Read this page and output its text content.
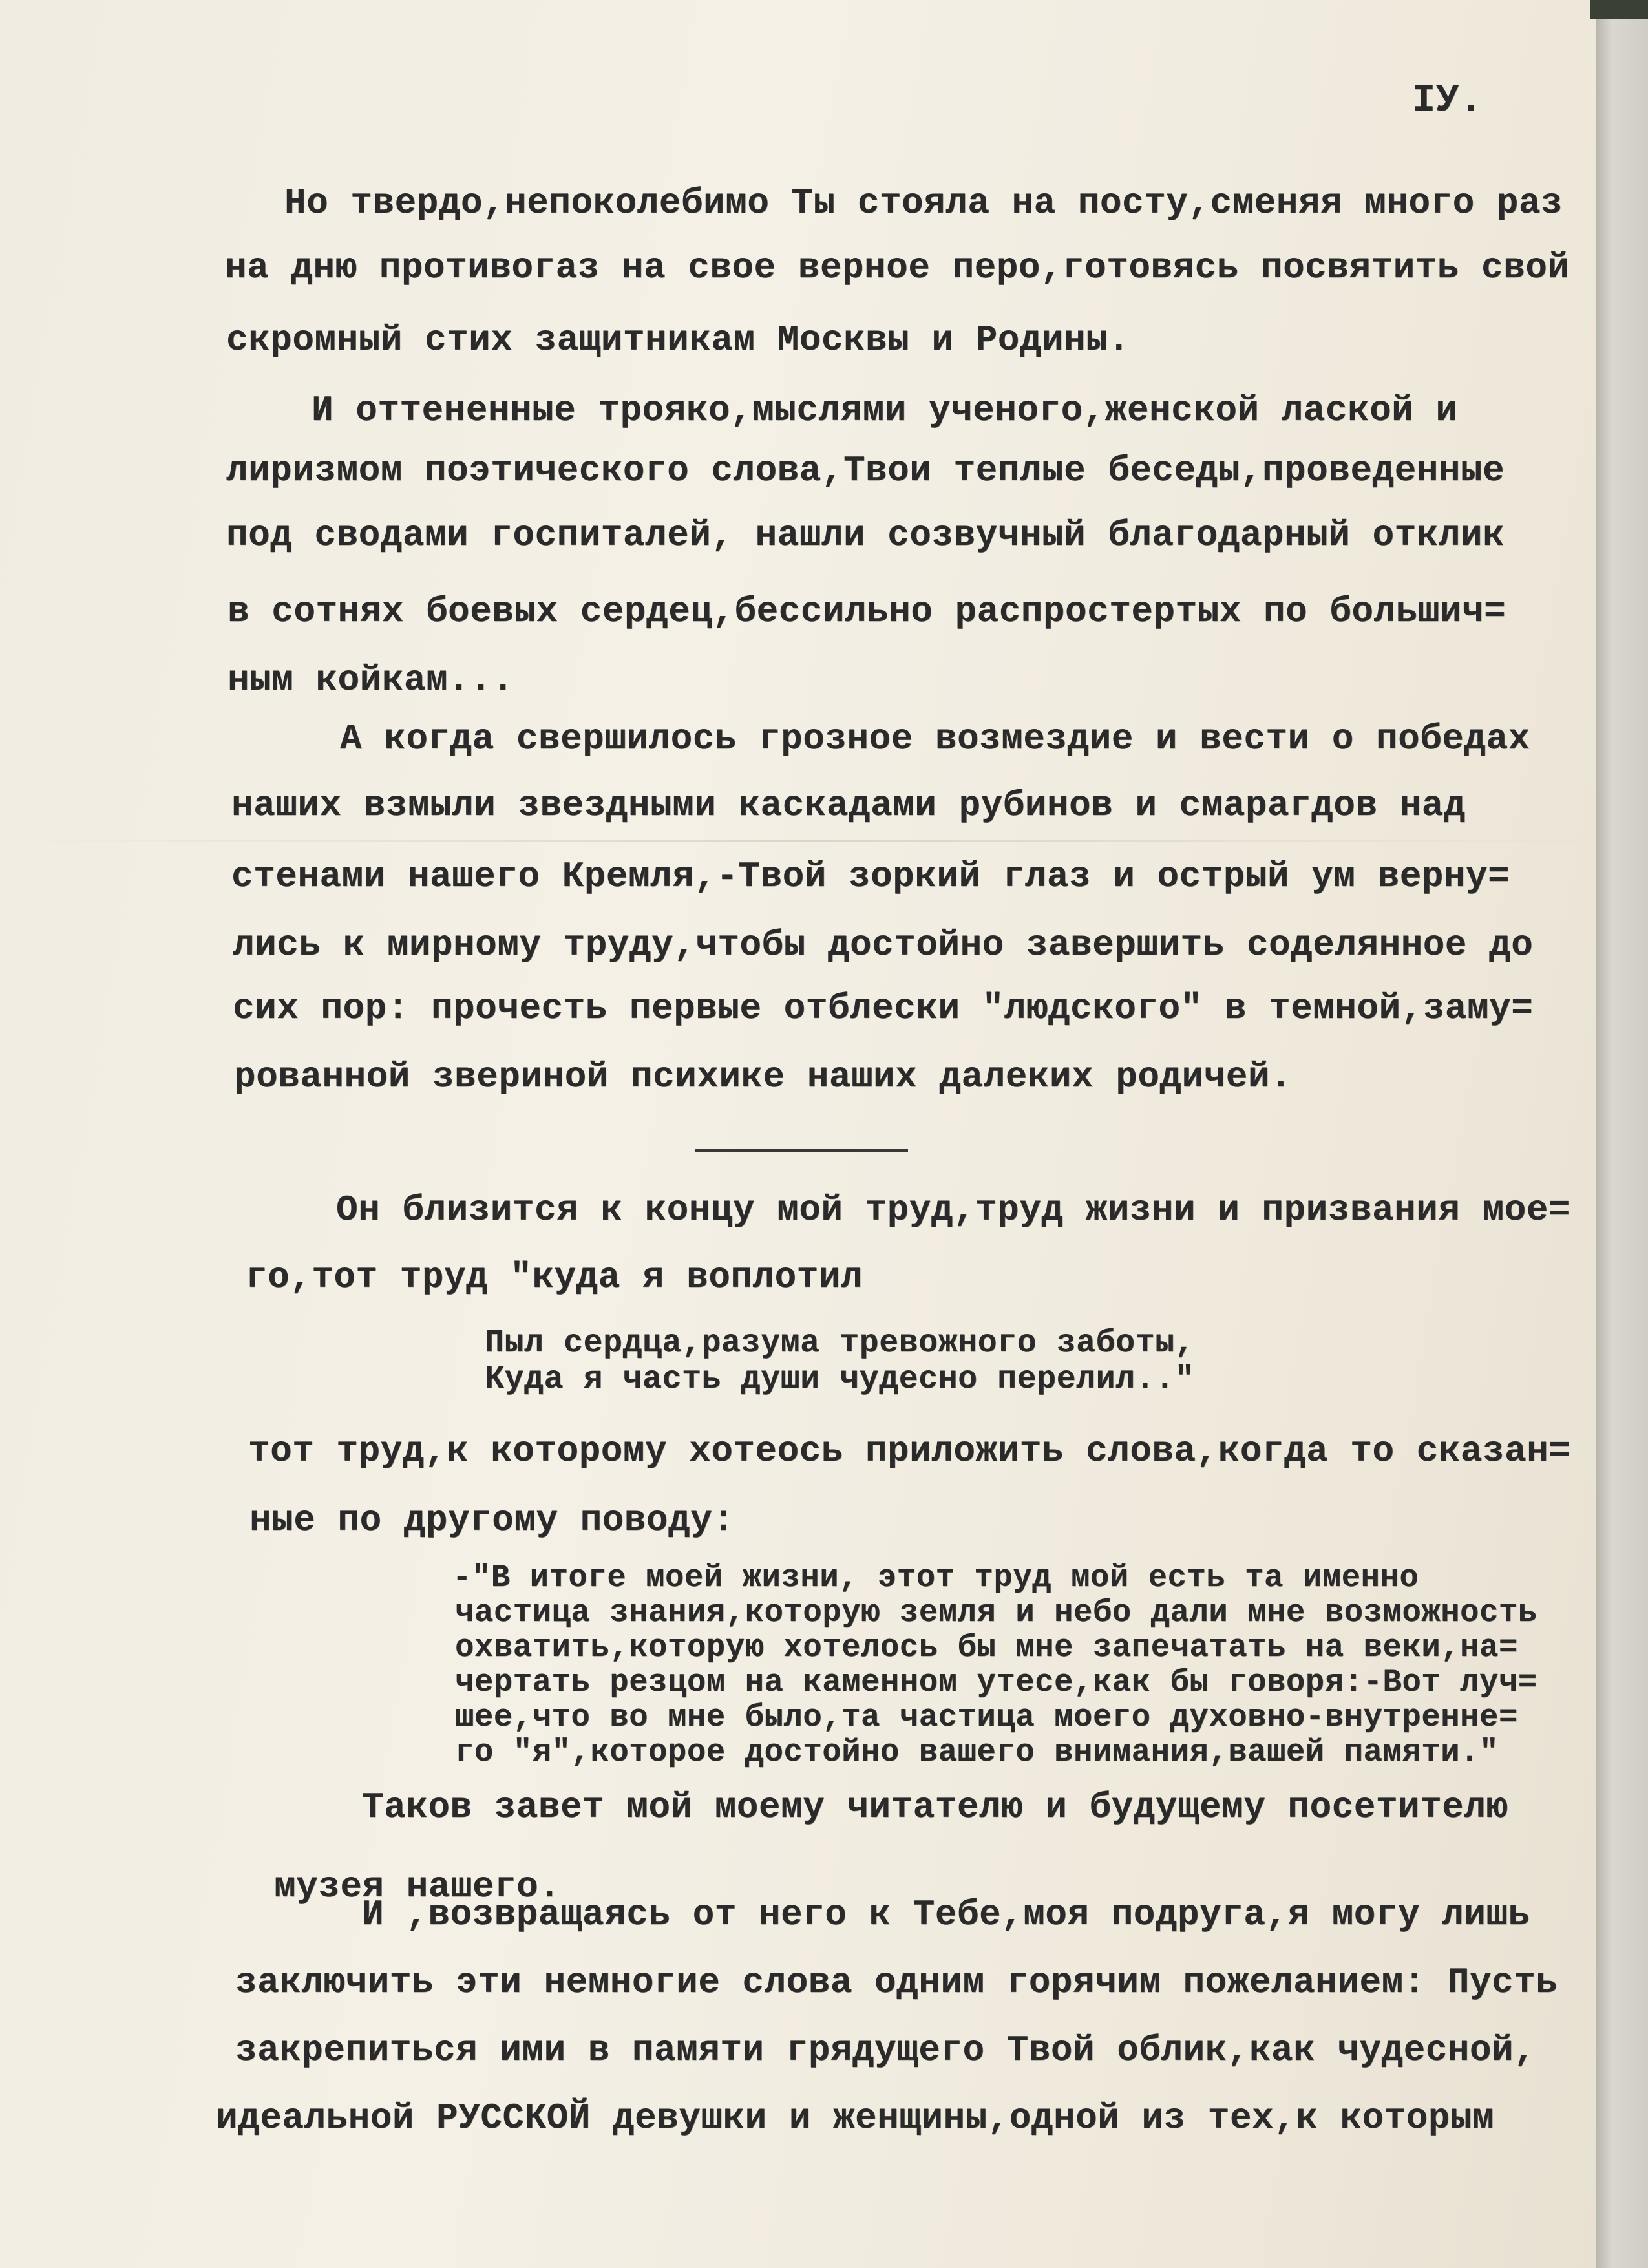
IУ.
Но твердо,непоколебимо Ты стояла на посту,сменяя много раз
на дню противогаз на свое верное перо,готовясь посвятить свой
скромный стих защитникам Москвы и Родины.
И оттененные трояко,мыслями ученого,женской лаской и
лиризмом поэтического слова,Твои теплые беседы,проведенные
под сводами госпиталей, нашли созвучный благодарный отклик
в сотнях боевых сердец,бессильно распростертых по большич=
ным койкам...
А когда свершилось грозное возмездие и вести о победах
наших взмыли звездными каскадами рубинов и смарагдов над
стенами нашего Кремля,-Твой зоркий глаз и острый ум верну=
лись к мирному труду,чтобы достойно завершить соделянное до
сих пор: прочесть первые отблески "людского" в темной,заму=
рованной звериной психике наших далеких родичей.
Он близится к концу мой труд,труд жизни и призвания мое=
го,тот труд "куда я воплотил
Пыл сердца,разума тревожного заботы,
Куда я часть души чудесно перелил.."
тот труд,к которому хотеось приложить слова,когда то сказан=
ные по другому поводу:
-"В итоге моей жизни, этот труд мой есть та именно
частица знания,которую земля и небо дали мне возможность
охватить,которую хотелось бы мне запечатать на веки,на=
чертать резцом на каменном утесе,как бы говоря:-Вот луч=
шее,что во мне было,та частица моего духовно-внутренне=
го "я",которое достойно вашего внимания,вашей памяти."
Таков завет мой моему читателю и будущему посетителю
музея нашего.
И ,возвращаясь от него к Тебе,моя подруга,я могу лишь
заключить эти немногие слова одним горячим пожеланием: Пусть
закрепиться ими в памяти грядущего Твой облик,как чудесной,
идеальной РУССКОЙ девушки и женщины,одной из тех,к которым
